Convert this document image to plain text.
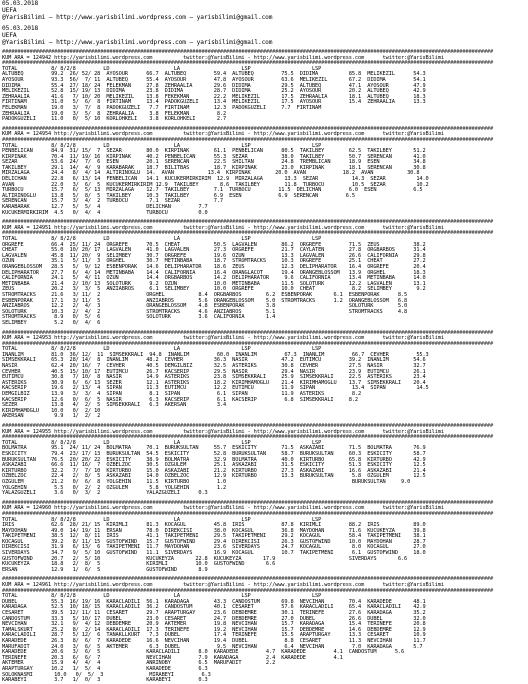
05.03.2018
UEFA
@YarisBilimi — http://www.yarisbilimi.wordpress.com — yarisbilimi@gmail.com
05.03.2018
UEFA
@YarisBilimi — http://www.yarisbilimi.wordpress.com — yarisbilimi@gmail.com
################################################################################################################################################################
KUM ARA = 124942 http://yarisbilimi.wordpress.com          twitter:@YarisBilimi - http://www.yarisbilimi.wordpress.com      twitter:@YarisBilimi
################################################################################################################################################################
TOTAL           8/ 8/2/8         LD                     LA                    LSP                    LSP
ALTUBEQ         99.2  26/ 52/ 28  AYOSOUR      66.7  ALTUBEQ         59.4  ALTUBEQ         75.5  DIDIMA          85.8  MELIKEZIL      54.3
AYOSOUR         93.3  56/  7/ 11  ALTUBEQ      55.4  AYOSOUR         47.8  AYOSOUR         63.6  MELIKEZIL       67.2  DIDIMA         54.1
DIDIMA          55.4  27/ 18/ 24  FELEKMAN     27.8  ZEHRAALIA       29.6  DIDIMA          29.5  ALTUBEQ         47.1  AYOSOUR        47.9
MELIKEZIL       52.8  15/ 19/ 13  DIDIMA       23.8  DIDIMA          28.7  DIDIMA          25.2  AYOSOUR         20.2  ALTUBEQ        42.9
ZEHRAALIA       41.6   7/ 10/ 20  MELIKEZIL    13.8  FEKEKMAN        22.2  MELIKEZIL       17.5  ZEHRAALIA       18.1  ALTUBEQ        18.3
FIRTINAM        31.0   5/  6/  8  FIRTINAM     13.4  PADOKGUZELI     13.4  MELIKEZIL       17.5  AYOSOUR         15.4  ZEHRAALIA      13.3
FELEKMAN        19.0   3/  7/  8  PADOKGUZELI   7.7  FIRTINAM        12.3  PADOKGUZELI     7.7  FIRTINAM
ZEHRAALIA       19.0   3/  5/  8  ZEHRAALIA     3.8  FELEKMAN         8.2
PADOKGUZELI     11.0   0/  5/ 10  KORLOHKELI    3.8  KORLOHKELI       2.7
################################################################################################################################################################
KUM ARA = 124954 http://yarisbilimi.wordpress.com          twitter:@YarisBilimi - http://www.yarisbilimi.wordpress.com      twitter:@YarisBilimi
################################################################################################################################################################
TOTAL           8/ 8/2/8         LD                     LA                    LSP                    LSP
PENBELICAN      84.9  31/ 15/  7  SEZAR        80.0  KIRPINAK        61.1  PENBELICAN      80.5  TAKILBEY        62.5  TAKILBEY       51.2
KIRPINAK        70.4  11/ 19/ 16  KIRPINAK     40.2  PENBELICAN      55.3  SEZAR           38.0  TAKILBEY        50.7  SERENCAN       41.0
SEZAR           53.6  24/  7/  6  ESEN         20.1  SERENCAN        22.5  SHILTAN         24.8  TREMBLICAN      18.9  ESEN           34.8
TAKILBEY        29.1  14/  4/  9  KARABARAK    18.7  BILITBAS        18.7  KIRPINAK        23.0  KIRPINAK        18.1  SERENCAN       30.8
MIRZALAGA       24.4   8/  4/ 14  ALTIRINOGLU  14.  AVAN           13.4  KIRPINAK        20.0  AVAN            18.2  AVAN           30.8
DELICHAN        22.8   6/ 13/ 14  FENBELICAN   14.1  KUCUKERMIRKIRIM  12.9  MIRZALAGA       13.3  SEZAR           14.3  SEZAR          14.0
AVAN            22.0   3/  6/  5  KUCUKERMIRKIRIM 12.9  TAKILBEY       8.6  TAKILBEY        11.8  TURBOCU         10.5  SEZAR          10.2
TURBOCU         15.7   6/  5/ 13  MIRZALAGA    12.7  TAKILBEY        7.1  TURBOCU         11.5  DELICHAN         6.0  ESEN            6.5
ALTIRINOGLU     13.8   5/  8/  5  TAKILBEY     10.3  TAKILBEY        6.9  ESEN            6.9  SERENCAN         6.5
SERENCAN        15.7   3/  4/  2  TURBOCU       7.1  SEZAR           7.7
KARABARAK       12.7   5/  5/  4               DELICHAN         7.7
KUCUKERMIRKIRIM  4.5   0/  4/  4               TURBOCU          0.0
################################################################################################################################################################
KUM ARA = 124951 http://yarisbilimi.wordpress.com          twitter:@YarisBilimi - http://www.yarisbilimi.wordpress.com      twitter:@YarisBilimi
################################################################################################################################################################
TOTAL           8/ 8/2/8         LD                     LA                    LSP                    LSP
ORGREFE         66.4  25/ 11/ 24  ORGREFE      70.5  CHEAT           50.5  LAGVALEN        86.2  ORGREFE         71.5  ZEUS           38.2
CHEAT           55.0  10/ 20/ 17  LAGVALEN     41.0  LAGVALEN        27.3  ORGREFE         21.7  CAYLATEN        27.8  ORGBARBOS      31.4
LAGVALEN        45.8  11/ 20/  9  SELIMBEY     30.7  ORGREFE         19.6  OZUN            13.3  LAGVALEN        26.6  CALIFORNIA     29.8
OZUN            35.1   5/ 11/  3  ORGHEL       30.7  METINBABA       18.7  STROMTRACKS     10.3  ORGREFE         25.1  CHEAT          27.2
ORANGEBLOSSOM   28.5   5/  9/ 12  ESBENPORAK   14.6  DELIPHARATOR    18.6  ZEUS            12.3  DELIPHARATOR    16.4  ORGREFE        20.4
DELIPHARATOR    27.7   6/  4/ 14  METINBABA    14.4  CALIFORNIA      16.4  ORANGLACOT      19.4  ORANGEBLOSSOM   13.9  ORGHEL         18.3
CALIFORNIA      24.1   5/  4/ 11  OZUN         14.4  ORGBARBOS       14.2  DELIPHARATOR     9.6  CALIFORNIA      13.4  METINBABA      14.0
METINBABA       21.4   2/ 10/ 13  SOLOTURK      9.2  OZUN            10.0  METINBABA       11.5  SOLOTURK        12.2  LAGVALEN       13.1
ZEUS            20.2   3/  3/  5  ANZIABROS     6.1  SELIMBEY        10.0  ORGREFE         10.0  CHEAT            8.2  SELIMBEY        9.2
STROMTRACKS     21.6   3/ 11/  2               ORGHEL           8.4  ORGBARBOS        6.2  ESBENPORAK       6.1  ESBENPORAK      8.5
ESBENPORAK      17.1   3/ 11/  5               ANZIABROS        5.6  ORANGEBLOSSOM    5.0  STROMTRACKS      1.2  ORANGEBLOSSOM   6.8
ANZIABROS       12.2   2/  4/  3               ORANGEBLOSSOM    4.8  ESBENPORAK       3.8                        SOLOTURK        5.0
SOLOTURK        10.3   2/  4/  2               STROMTRACKS      4.6  ANZIABROS        5.1                        STROMTRACKS     4.8
STROMTRACKS      8.9   0/  5/  6               SOLOTURK         3.6  CALIFORNIA       1.4
SELIMBEY         5.2   0/  4/  6
################################################################################################################################################################
KUM ARA = 124953 http://yarisbilimi.wordpress.com          twitter:@YarisBilimi - http://www.yarisbilimi.wordpress.com      twitter:@YarisBilimi
################################################################################################################################################################
TOTAL           8/ 8/2/8         LD                     LA                    LSP                    LSP
INANLIM         81.0  36/ 12/  11  SIMSEKKRALI  94.8  INANLIM         60.0  INANLIM         67.3  INANLIM         66.7  CEVHER         55.3
SIMSEKKRALI     65.3  28/ 14/  8  INANLIM      48.2  CEVHER          36.3  NASIR           47.2  EUTIMCU         39.2  INANLIM        54.6
NASIR           62.4  20/ 16/  7  CEVHER       40.5  DEMGILBIZ       32.5  ASTERIKS        30.8  CEVHER          27.5  NASIR          32.7
CEVHER          40.5  15/ 10/ 17  EUTIMCU      26.7  KACSERIP        29.5  NASIR           29.4  NASIR           23.9  EUTIMCU        26.1
EUTIMCU         30.8   7/ 10/  8  NASIR        14.9  ASTERIKS        23.8  SIMSEKKRALI     25.9  SIMSEKKRALI     22.5  ASTERIKS       23.4
ASTERIKS        30.9   6/  6/ 13  SEZER        12.1  ASTERIKS        18.2  KIRIMHAMOGLU    21.4  KIRIMHAMOGLU    13.7  SIMSEKKRALI    20.4
KACSERIP        19.6   2/ 13/  4  SIPAN        11.3  EUTIMCU         12.2  EUTIMCU         11.9  SIPAN            13.4  SIPAN          14.5
DEMGILBIZ       13.9   3/  3/  4  SIPAN         8.1  SIPAN            6.1  SIPAN           11.9  ASTERIKS         8.2
KACSERIP        12.6   0/  6/  5  NASIR         6.3  KACSERIP         6.1  KACSERIP         6.8  SIMSEKKRALI     8.2
SEZER           13.8   4/  2/  5  SIMSEKKRALI   6.3  AKERSAN          3.4
KIRIMHAMOGLU    10.0   0/  2/ 10
AKERSAN          9.9   1/  2/  2
################################################################################################################################################################
KUM ARA = 124955 http://yarisbilimi.wordpress.com          twitter:@YarisBilimi - http://www.yarisbilimi.wordpress.com      twitter:@YarisBilimi
################################################################################################################################################################
TOTAL           8/ 8/2/8         LD                     LA                    LSP                    LSP
BOLMATRA        95.1  24/ 11/ 24  BOLMATRA     70.1  BURUKSULTAN     55.7  ESKICITY        71.5  ASKAZABI        71.5  BOLMATRA       76.9
ESKICITY        79.4  23/ 17/ 13  BURUKSULTAN  54.5  ESKICITY        52.8  BURUKSULTAN     58.7  BURUKSULTAN     60.3  ESKICITY       58.7
BURUKSULTAN     76.5  20/ 20/ 22  ESKICITY     38.9  BOLMATRA        32.9  BOLMATRA        40.0  KIRTURBO        65.8  KIRTURBO       42.9
ASKAZABI        66.6  11/ 16/  7  OZBELZOC     30.5  OZGULEM         25.1  ASKAZABI        31.5  ESKICITY        51.3  ESKICITY       12.5
KIRTURBO        32.2   7/  7/ 10  KIRTURBO     15.0  ASKAZABI        21.2  KIRTURBO        27.3  ASKAZABI        16.6  ASKAZABI       21.4
OZBELZOC        22.4   2/  8/  5  ASKAZABI     14.0  OZBELZOC        12.9  KIRTURBO        13.3  BURUKSULTAN      5.8  OZGULEM        12.5
OZGULEM         21.2   0/  6/  8  YOLGEHIN     11.5  KIRTURBO         1.0                                         BURUKSULTAN     9.0
YOLGEHIN         5.5   0/  2/  2  OZGULEM       5.8  YOLGEHIN         1.2
YALAZGUZELI      3.6   0/  3/  2               YALAZGUZELI      0.3
################################################################################################################################################################
KUM ARA = 124960 http://yarisbilimi.wordpress.com          twitter:@YarisBilimi - http://www.yarisbilimi.wordpress.com      twitter:@YarisBilimi
################################################################################################################################################################
TOTAL           8/ 8/2/8         LD                     LA                    LSP                    LSP
IRIS            62.6  28/ 21/ 15  KIRIMLI      81.3  KOCAGUL         45.8  IRIS            87.8  KIRIMLI         88.2  IRIS           89.0
MAYDOHAN        49.0  14/ 19/ 11  ERSAN        78.0  DIREKCISI       38.0  KOCAGUL         36.8  MAYDOHAN        71.6  KUCUKEYZA      39.8
TAKIPETMENI     38.5  12/  8/ 11  IRIS         41.1  TAKIPETMENI     29.5  TAKIPETMENI     29.2  KOCAGUL         58.4  TAKIPETMENI    38.1
KOCAGUL         39.2   8/ 11/ 15  GUSTOFWIND   15.7  GUSTOFWIND      29.4  DIREKCISI       26.3  GUSTOFWIND      10.0  MAYDOHAN       28.7
DIREKCISI       31.9   6/ 13/  6  TAKIPETMENI  11.7  MAYDOHAN        23.6  SIVERDAYS       24.7  KOCAGUL          8.0  KOCAGUL        27.0
SIVERDAYS       34.7   9/  5/ 10  GUSTOFWIND   11.1  SIVERDAYS       16.9  KOCAGUL         10.7  TAKIPETMENI      6.1  GUSTOFWIND     18.0
GUSTOFWIND      20.7   2/  5/ 10               KUCUKEYZA       22.8  KUCUKEYZA       17.9                        SIVERDAYS       6.6
KUCUKEYZA       18.8   2/  8/  5               KIRIMLI         10.0  GUSTOFWIND       6.6
ERSAN           12.9   1/  6/  5               GUSTOFWIND       8.9
################################################################################################################################################################
KUM ARA = 124961 http://yarisbilimi.wordpress.com          twitter:@YarisBilimi - http://www.yarisbilimi.wordpress.com      twitter:@YarisBilimi
################################################################################################################################################################
TOTAL           8/ 8/2/8         LD                     LA                    LSP                    LSP
DUBEL           55.3  16/ 19/ 16  KARACLADILI  56.1  KARADAGA        43.3  CANDOSTUM       69.8  NEVCIHAN        70.4  KARADEDE       48.1
KARADAGA        52.5  10/ 18/ 15  KARACLADILI  36.2  CANDOSTUM       40.1  CESARET         57.6  KARACLADILI     65.4  KARACLADILI    42.9
CESARET         39.5  12/ 11/ 11  CESARET      29.7  ARAPTURGAY      23.6  DEBDEMRE        30.1  TERINEFE        27.6  KARADAGA       35.2
CANDOSTUM       33.3   5/ 10/ 17  DUBEL        23.0  CESARET         24.7  DEBDEMRE        27.0  DUBEL           26.6  DUBEL          32.0
NEVCIHAN        32.1   9/  4/ 12  DEBDEMRE     20.9  AKTEMER         19.8  NEVCIHAN        15.7  KARADAGA        15.4  TERINEFE       20.8
TAMALSKURT      25.2   8/  2/ 14  KARACLADILI  17.3  TERINEFE        19.2  NEVCIHAN        15.7  DEBDEMRE        14.6  DEBDEMRE       12.9
KARACLADILI     28.7   5/ 12/  6  TANAKLLKURT   7.3  DUBEL           17.4  TERINEFE        15.5  ARAPTURGAY      13.3  CESARET        10.9
KARADEDE        26.3   8/  6/  7  KARADEDE     16.6  NEVCIHAN        19.4  DUBEL            8.8  CESARET         11.3  NEVCIHAN       11.7
MARUFADIT       24.0   3/  6/  5  AKTEMER       6.3  DUBEL            9.5  NEVCIHAN         6.4  NEVCIHAN         7.0  KARADAGA       5.7
KARADEDE        20.6   3/  6/  5               KARACLADILI      8.0  KARADEDE         4.7  KARADEDE         4.1  CANDOSTUM      5.6
TERINEFE        20.3   6/  6/  7               NEVCIHAN         7.9  KARADAGA         2.4  KARADEDE         4.1
AKTEMER         15.9   4/  4/  4               ANRINOBY         6.5  MARUFADIT        2.2
ARAPTURGAY      10.2   1/  5/  4               KARADEDE         6.3
SOLOKNASMI       10.0   0/  5/  3               MIRABEYI         6.3
KARABEYI         3.7   1/  0/  3               KARABEYI         0.3
